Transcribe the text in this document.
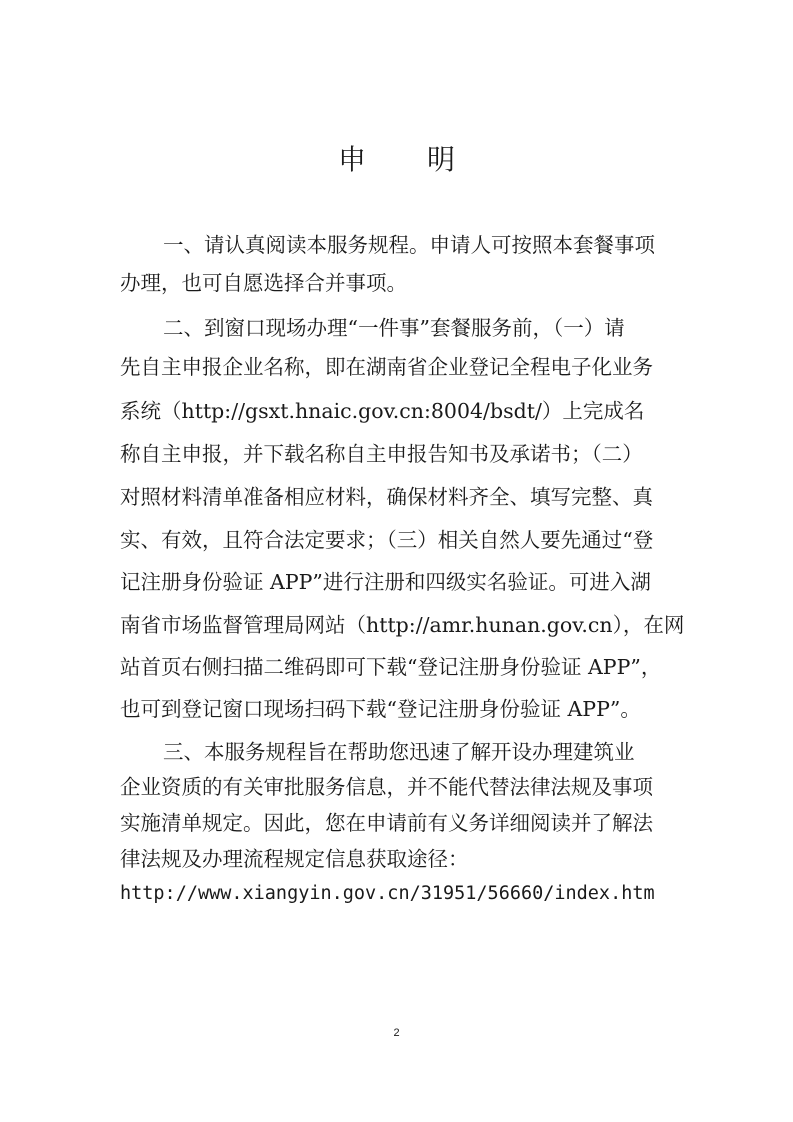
申 明
一、请认真阅读本服务规程。申请人可按照本套餐事项
办理，也可自愿选择合并事项。
二、到窗口现场办理“一件事”套餐服务前，（一）请
先自主申报企业名称，即在湖南省企业登记全程电子化业务
系统（http://gsxt.hnaic.gov.cn:8004/bsdt/）上完成名
称自主申报，并下载名称自主申报告知书及承诺书；（二）
对照材料清单准备相应材料，确保材料齐全、填写完整、真
实、有效，且符合法定要求；（三）相关自然人要先通过“登
记注册身份验证 APP”进行注册和四级实名验证。可进入湖
南省市场监督管理局网站（http://amr.hunan.gov.cn），在网
站首页右侧扫描二维码即可下载“登记注册身份验证 APP”，
也可到登记窗口现场扫码下载“登记注册身份验证 APP”。
三、本服务规程旨在帮助您迅速了解开设办理建筑业
企业资质的有关审批服务信息，并不能代替法律法规及事项
实施清单规定。因此，您在申请前有义务详细阅读并了解法
律法规及办理流程规定信息获取途径：
http://www.xiangyin.gov.cn/31951/56660/index.htm
2
